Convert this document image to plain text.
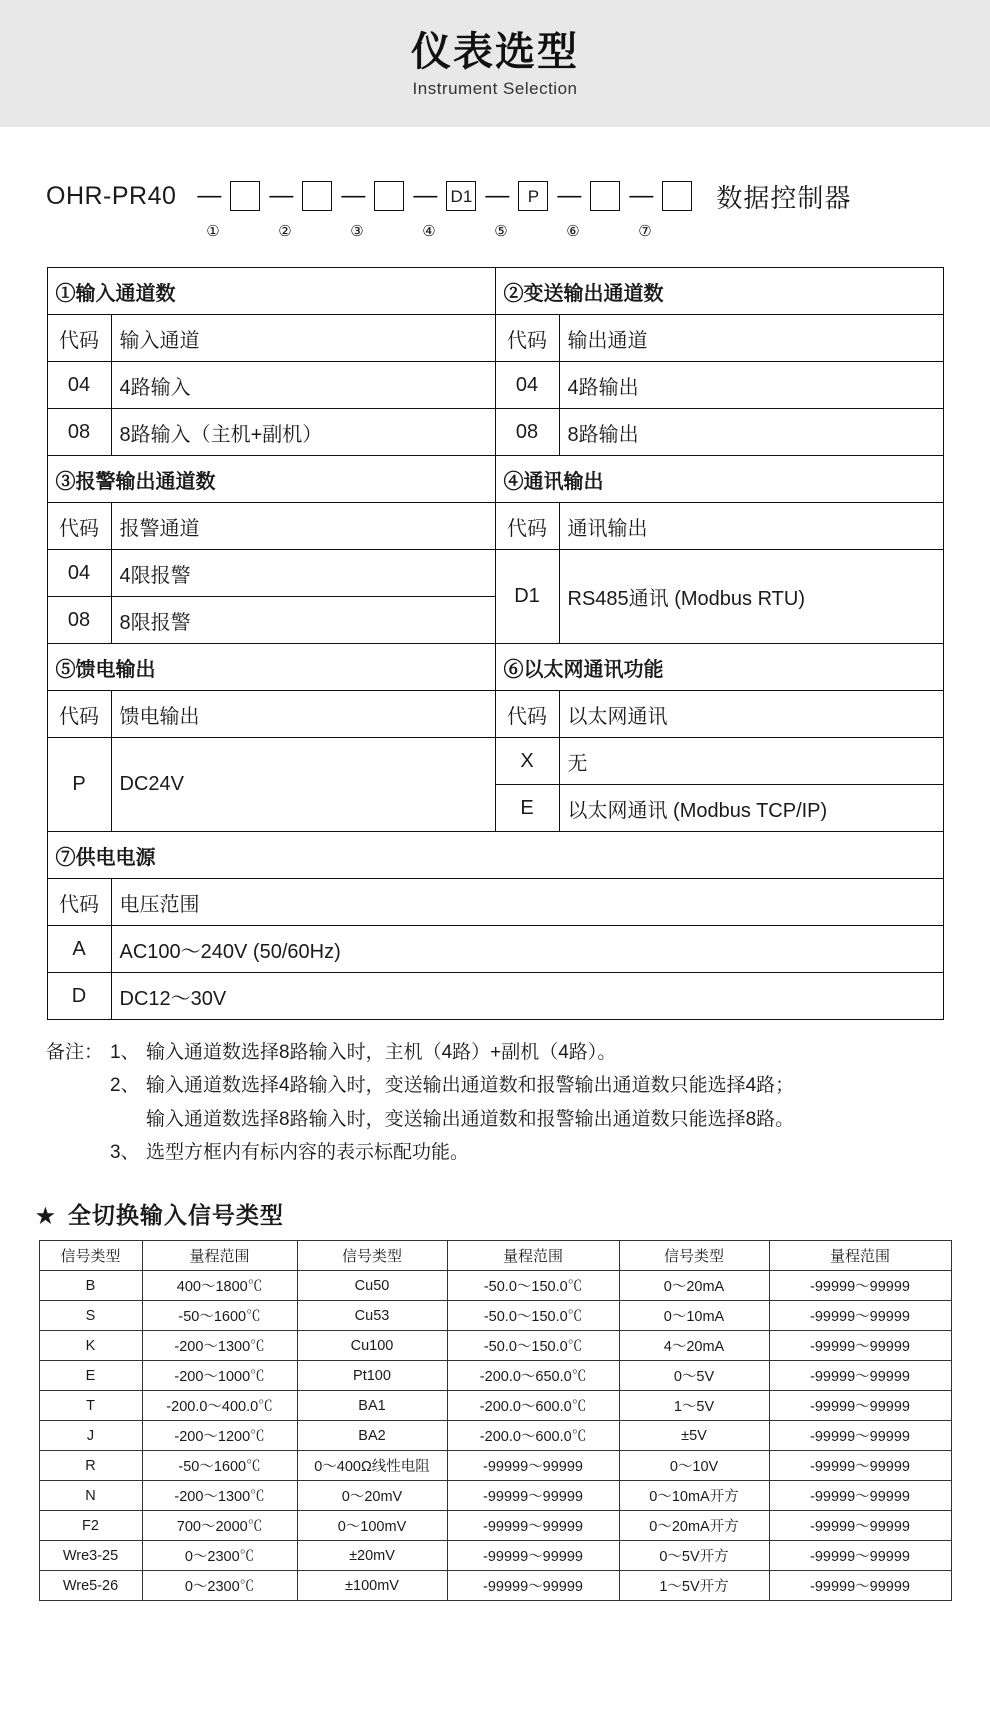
仪表选型
Instrument Selection
OHR-PR40 — — — — D1 —	P — — 数据控制器
①	②	③	④	⑤	⑥	⑦
①输入通道数		②变送输出通道数	
代码	输入通道	代码	输出通道
04	4路输入	04	4路输出
08	8路输入（主机+副机）	08	8路输出
③报警输出通道数		④通讯输出	
代码	报警通道	代码	通讯输出
04	4限报警	D1	RS485通讯 (Modbus RTU)
08	8限报警		
⑤馈电输出		⑥以太网通讯功能	
代码	馈电输出	代码	以太网通讯
P	DC24V	X	无
		E	以太网通讯 (Modbus TCP/IP)
⑦供电电源			
代码	电压范围		
A	AC100～240V (50/60Hz)		
D	DC12～30V		
备注： 1、 输入通道数选择8路输入时，主机（4路）+副机（4路）。
2、 输入通道数选择4路输入时，变送输出通道数和报警输出通道数只能选择4路；
输入通道数选择8路输入时，变送输出通道数和报警输出通道数只能选择8路。
3、 选型方框内有标内容的表示标配功能。
★ 全切换输入信号类型
信号类型	量程范围	信号类型	量程范围	信号类型	量程范围
B	400～1800℃	Cu50	-50.0～150.0℃	0～20mA	-99999～99999
S	-50～1600℃	Cu53	-50.0～150.0℃	0～10mA	-99999～99999
K	-200～1300℃	Cu100	-50.0～150.0℃	4～20mA	-99999～99999
E	-200～1000℃	Pt100	-200.0～650.0℃	0～5V	-99999～99999
T	-200.0～400.0℃	BA1	-200.0～600.0℃	1～5V	-99999～99999
J	-200～1200℃	BA2	-200.0～600.0℃	±5V	-99999～99999
R	-50～1600℃	0～400Ω线性电阻	-99999～99999	0～10V	-99999～99999
N	-200～1300℃	0～20mV	-99999～99999	0～10mA开方	-99999～99999
F2	700～2000℃	0～100mV	-99999～99999	0～20mA开方	-99999～99999
Wre3-25	0～2300℃	±20mV	-99999～99999	0～5V开方	-99999～99999
Wre5-26	0～2300℃	±100mV	-99999～99999	1～5V开方	-99999～99999
